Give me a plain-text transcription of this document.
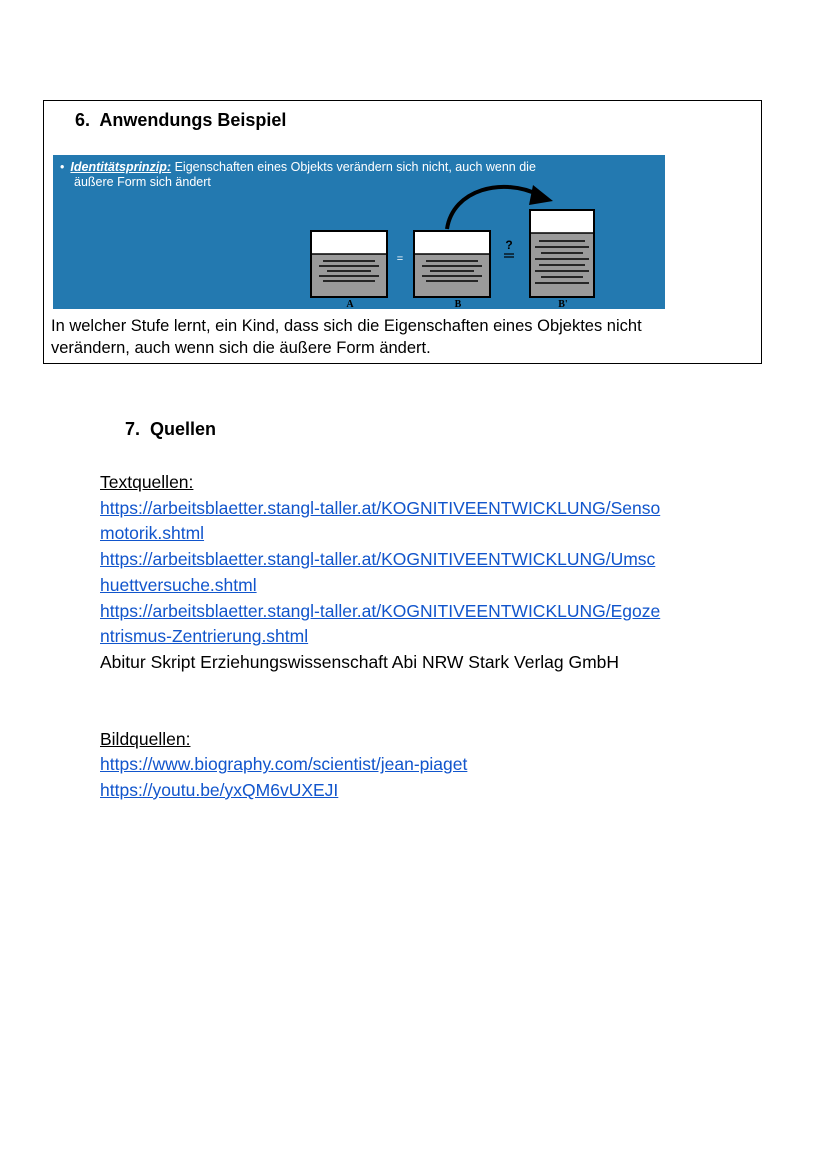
6. Anwendungs Beispiel
• Identitätsprinzip: Eigenschaften eines Objekts verändern sich nicht, auch wenn die
äußere Form sich ändert
=
?
A	B	B'
In welcher Stufe lernt, ein Kind, dass sich die Eigenschaften eines Objektes nicht
verändern, auch wenn sich die äußere Form ändert.
7. Quellen
Textquellen:
https://arbeitsblaetter.stangl-taller.at/KOGNITIVEENTWICKLUNG/Senso
motorik.shtml
https://arbeitsblaetter.stangl-taller.at/KOGNITIVEENTWICKLUNG/Umsc
huettversuche.shtml
https://arbeitsblaetter.stangl-taller.at/KOGNITIVEENTWICKLUNG/Egoze
ntrismus-Zentrierung.shtml
Abitur Skript Erziehungswissenschaft Abi NRW Stark Verlag GmbH
Bildquellen:
https://www.biography.com/scientist/jean-piaget
https://youtu.be/yxQM6vUXEJI
